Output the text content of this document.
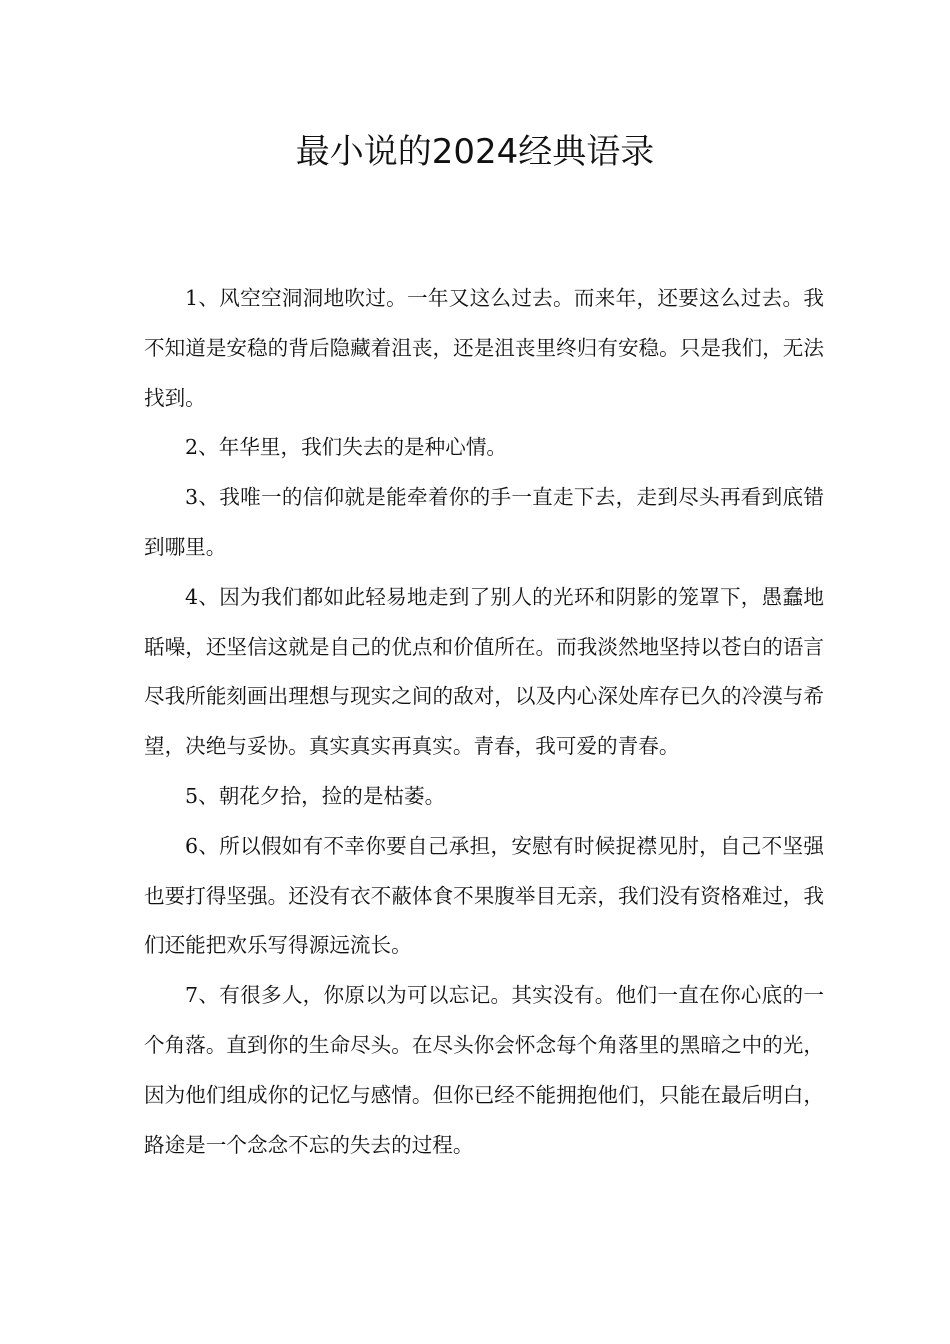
最小说的2024经典语录

1、风空空洞洞地吹过。一年又这么过去。而来年，还要这么过去。我不知道是安稳的背后隐藏着沮丧，还是沮丧里终归有安稳。只是我们，无法找到。

2、年华里，我们失去的是种心情。

3、我唯一的信仰就是能牵着你的手一直走下去，走到尽头再看到底错到哪里。

4、因为我们都如此轻易地走到了别人的光环和阴影的笼罩下，愚蠢地聒噪，还坚信这就是自己的优点和价值所在。而我淡然地坚持以苍白的语言尽我所能刻画出理想与现实之间的敌对，以及内心深处库存已久的冷漠与希望，决绝与妥协。真实真实再真实。青春，我可爱的青春。

5、朝花夕拾，捡的是枯萎。

6、所以假如有不幸你要自己承担，安慰有时候捉襟见肘，自己不坚强也要打得坚强。还没有衣不蔽体食不果腹举目无亲，我们没有资格难过，我们还能把欢乐写得源远流长。

7、有很多人，你原以为可以忘记。其实没有。他们一直在你心底的一个角落。直到你的生命尽头。在尽头你会怀念每个角落里的黑暗之中的光，因为他们组成你的记忆与感情。但你已经不能拥抱他们，只能在最后明白，路途是一个念念不忘的失去的过程。
